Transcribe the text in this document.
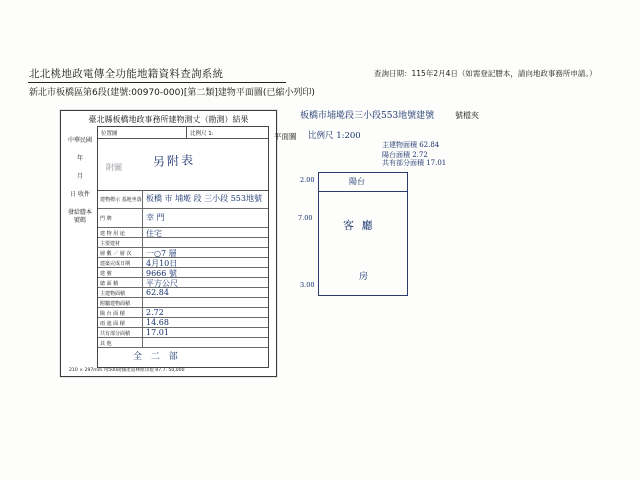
北北桃地政電傳全功能地籍資料查詢系統
新北市板橋區第6段(建號:00970-000)[第二類]建物平面圖(已縮小列印)
查詢日期：115年2月4日（如需登記謄本，請向地政事務所申請。）
臺北縣板橋地政事務所建物測丈（勘測）結果
中華民國
年
月
日 收件
發給謄本號碼
位置圖	比例尺 1:
另附表
附圖
建物標示 基地坐落 板橋 市 埔墘 段 三小段 553地號
門 牌	幸 門
建 物 用 途	住宅
主要建材
層 數 ／ 層 次	一○7 層
建築完成日期	4月10日
建 號	9666 號
總 面 積	平方公尺
主建物面積	62.84
附屬建物面積
陽 台 面 積	2.72
雨 遮 面 積	14.68
共有部分面積	17.01
其 他
全 二 部
210 × 297mm 用500磅國產道林紙印製 87.7. 50,000
板橋市埔墘段三小段553地號建號	號檔夾
平面圖 比例尺 1:200
主建物面積 62.84
陽台面積 2.72
共有部分面積 17.01
陽台
客 廳
房
2.00
7.00
3.00
